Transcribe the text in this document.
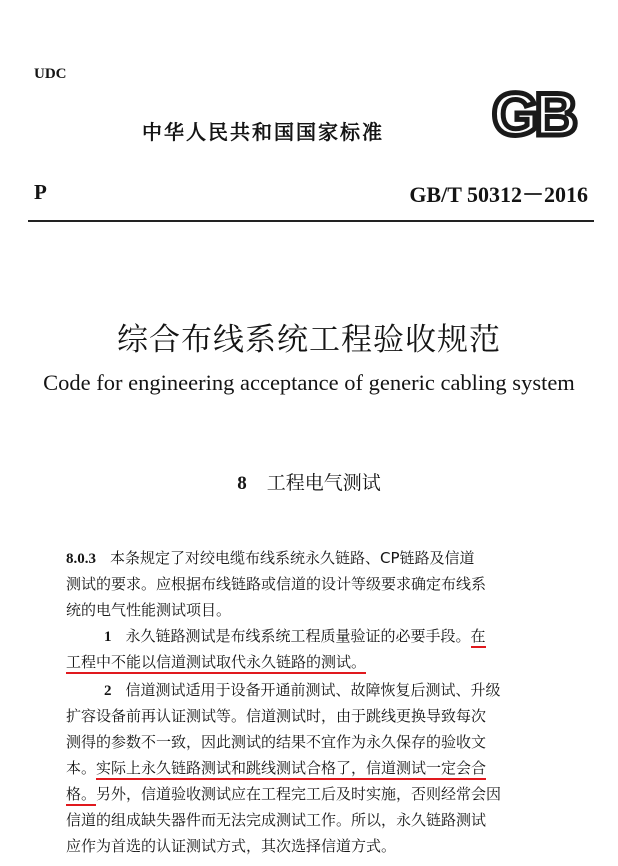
UDC
中华人民共和国国家标准 GB
P	GB/T 50312－2016
综合布线系统工程验收规范
Code for engineering acceptance of generic cabling system
8 工程电气测试
8.0.3 本条规定了对绞电缆布线系统永久链路、CP链路及信道
测试的要求。应根据布线链路或信道的设计等级要求确定布线系
统的电气性能测试项目。
1 永久链路测试是布线系统工程质量验证的必要手段。在
工程中不能以信道测试取代永久链路的测试。
2 信道测试适用于设备开通前测试、故障恢复后测试、升级
扩容设备前再认证测试等。信道测试时，由于跳线更换导致每次
测得的参数不一致，因此测试的结果不宜作为永久保存的验收文
本。实际上永久链路测试和跳线测试合格了，信道测试一定会合
格。另外，信道验收测试应在工程完工后及时实施，否则经常会因
信道的组成缺失器件而无法完成测试工作。所以，永久链路测试
应作为首选的认证测试方式，其次选择信道方式。
